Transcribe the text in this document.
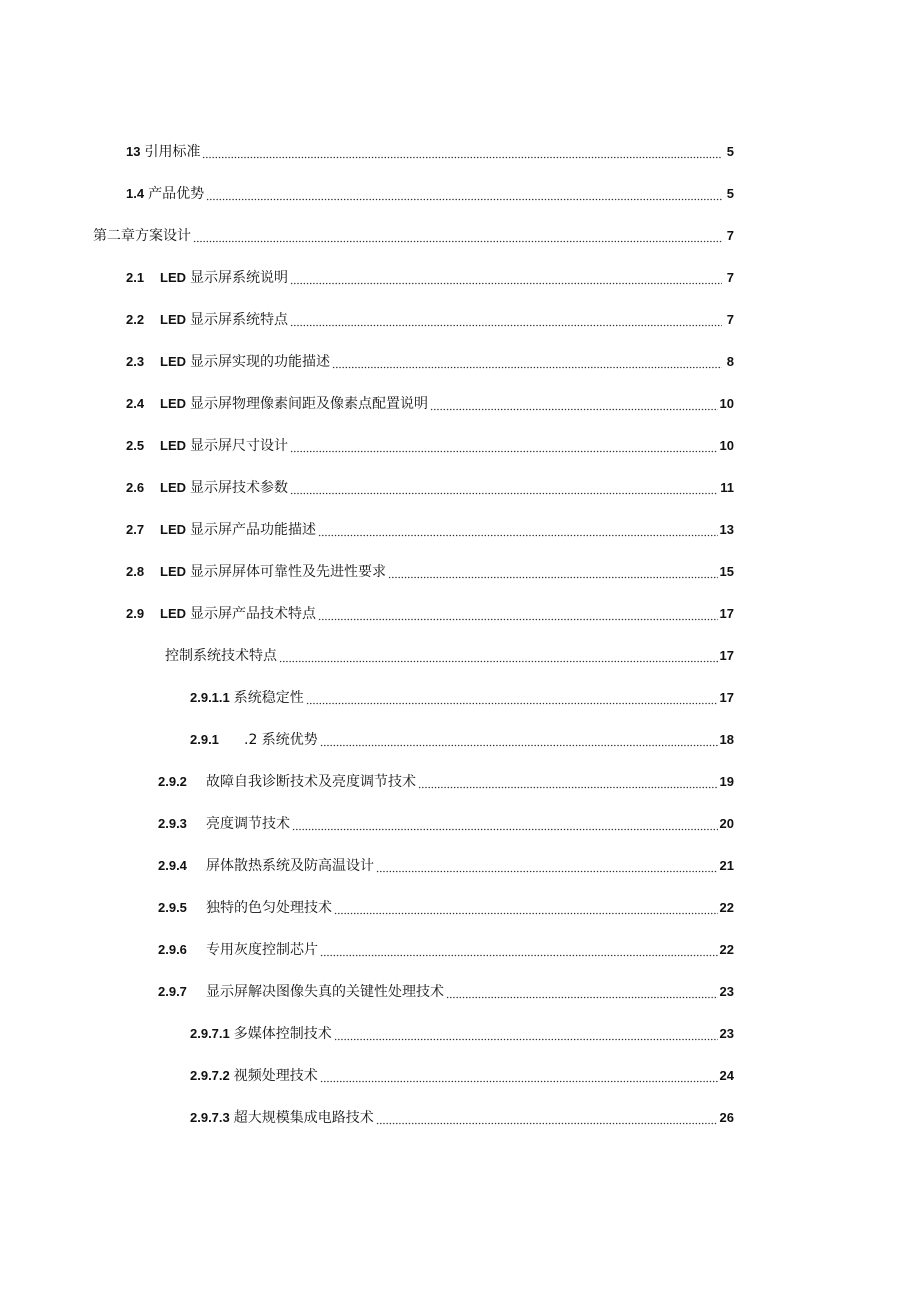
13 引用标准	5
1.4 产品优势	5
第二章方案设计	7
2.1	LED 显示屏系统说明	7
2.2	LED 显示屏系统特点	7
2.3	LED 显示屏实现的功能描述	8
2.4	LED 显示屏物理像素间距及像素点配置说明	10
2.5	LED 显示屏尺寸设计	10
2.6	LED 显示屏技术参数	11
2.7	LED 显示屏产品功能描述	13
2.8	LED 显示屏屏体可靠性及先进性要求	15
2.9	LED 显示屏产品技术特点	17
控制系统技术特点	17
2.9.1.1 系统稳定性	17
2.9.1	.2 系统优势	18
2.9.2	故障自我诊断技术及亮度调节技术	19
2.9.3	亮度调节技术	20
2.9.4	屏体散热系统及防高温设计	21
2.9.5	独特的色匀处理技术	22
2.9.6	专用灰度控制芯片	22
2.9.7	显示屏解决图像失真的关键性处理技术	23
2.9.7.1 多媒体控制技术	23
2.9.7.2 视频处理技术	24
2.9.7.3 超大规模集成电路技术	26
